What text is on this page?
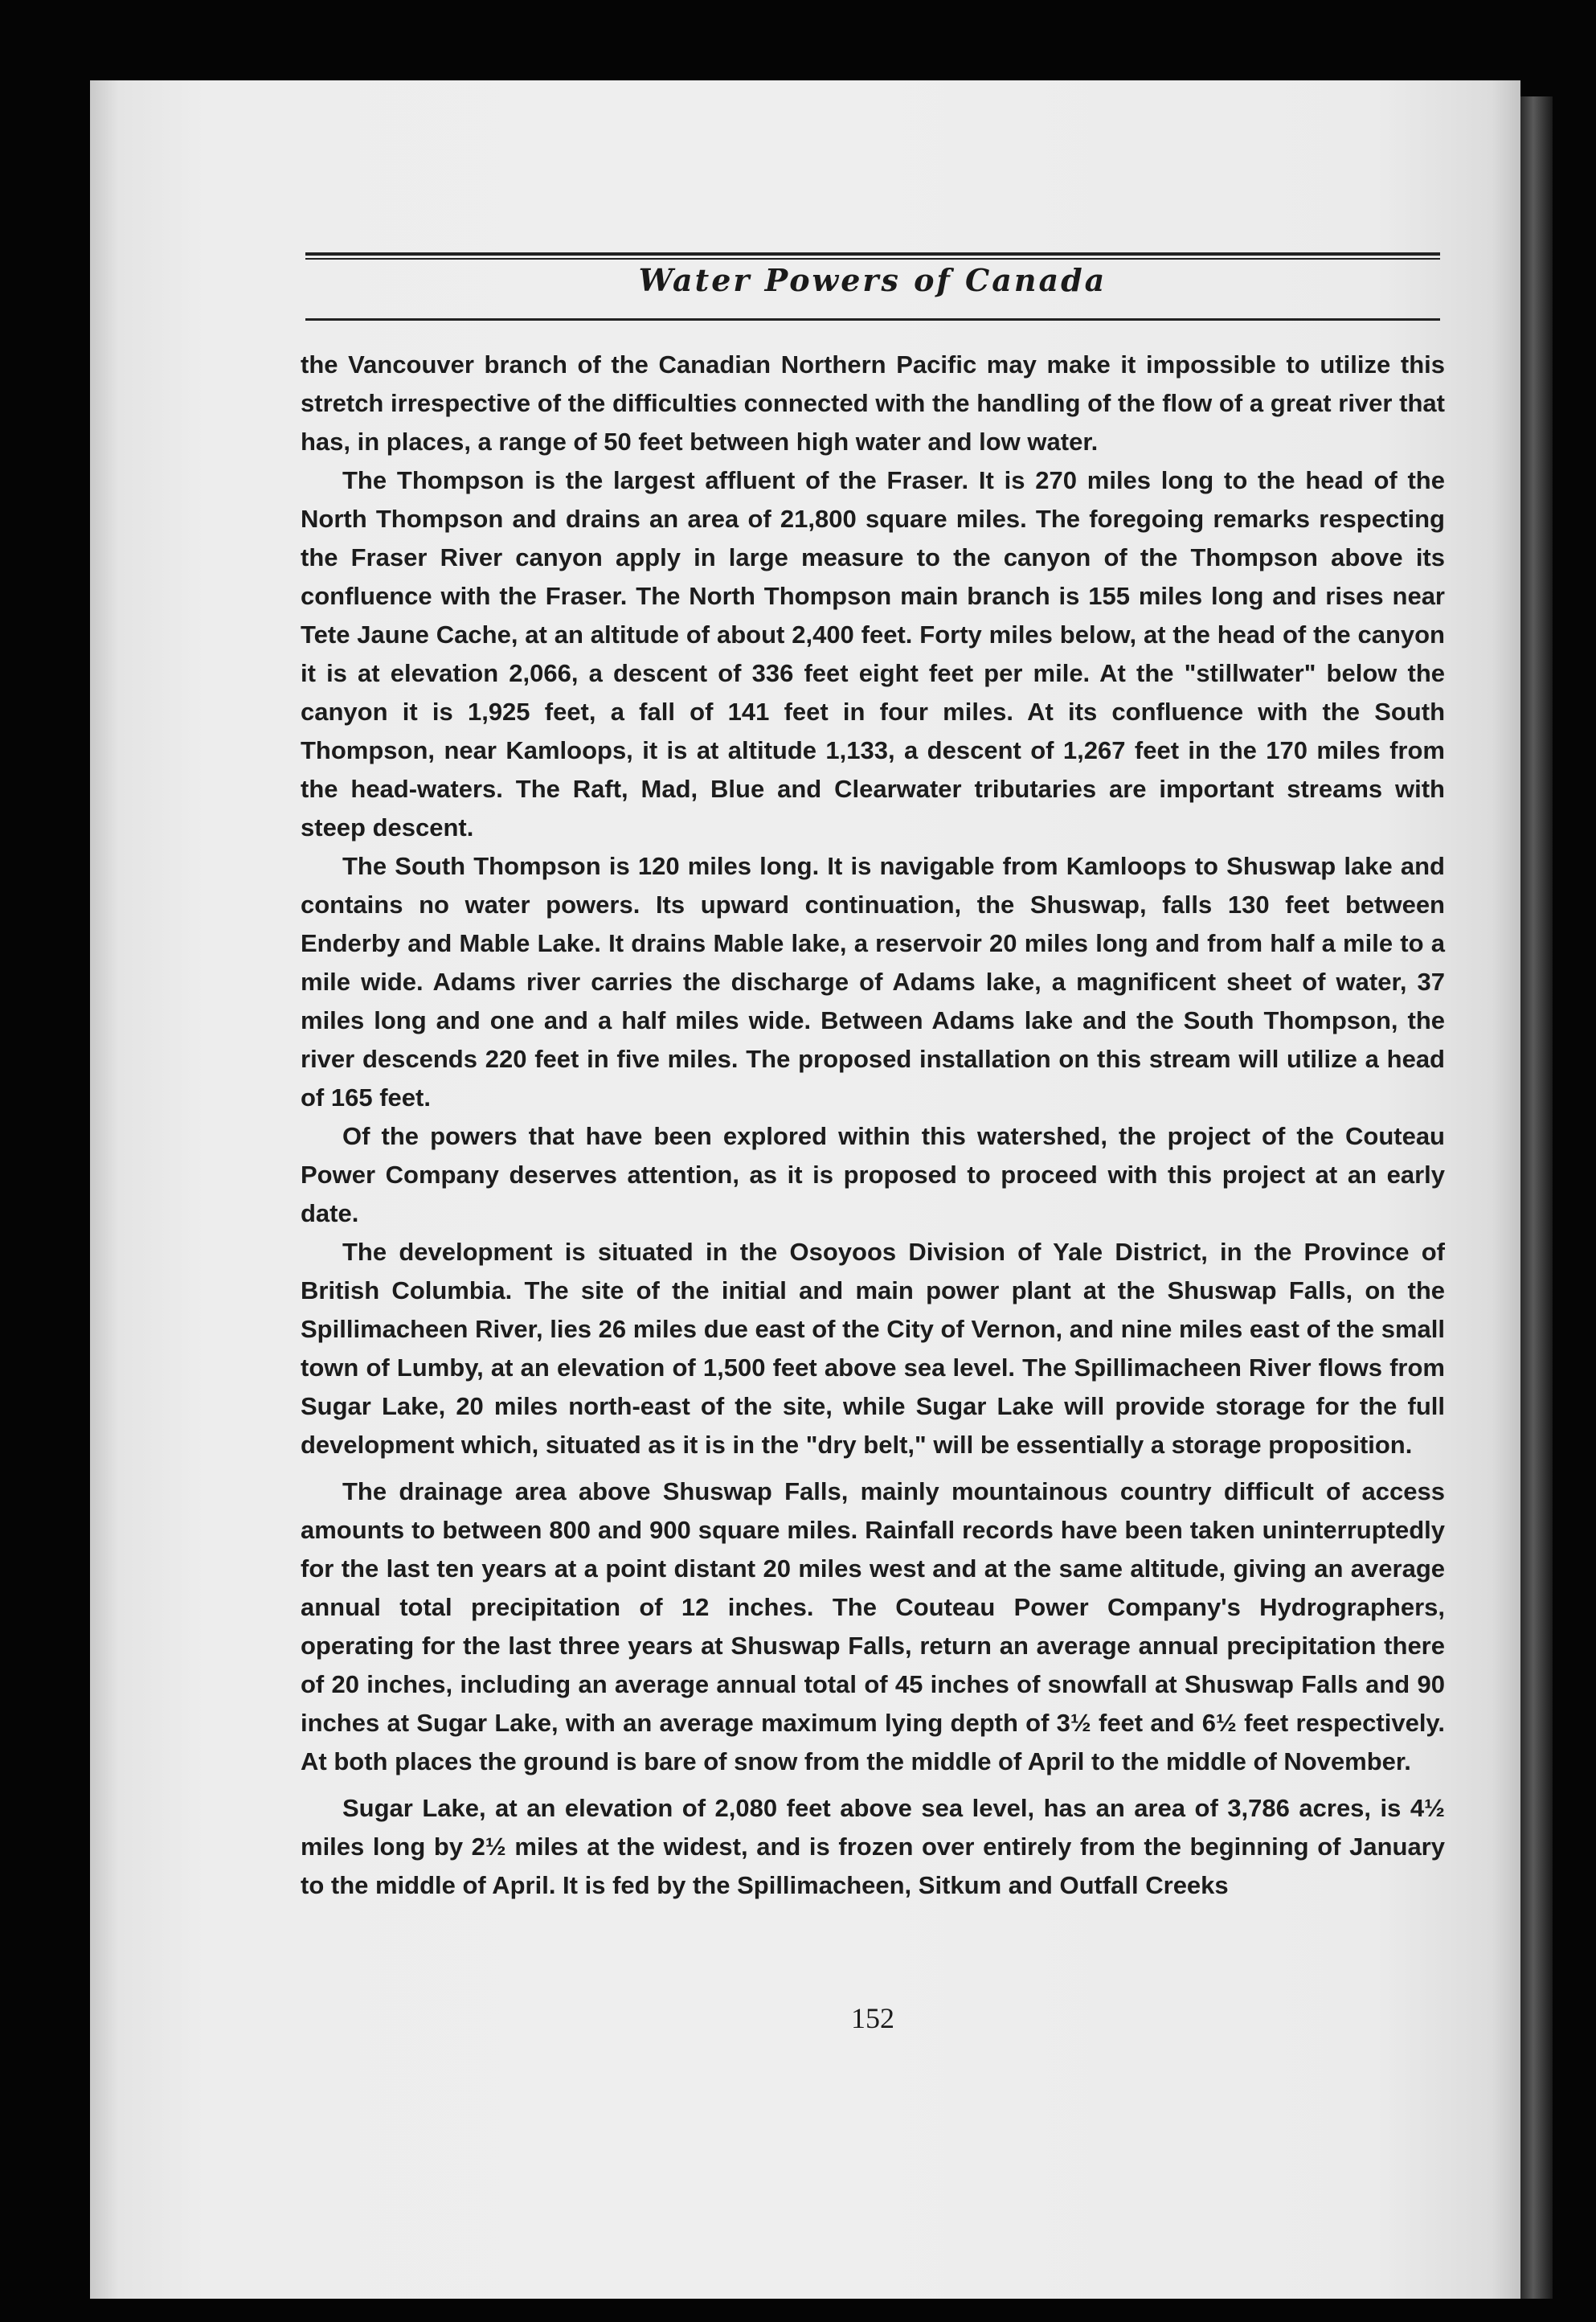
Water Powers of Canada

the Vancouver branch of the Canadian Northern Pacific may make it impossible to utilize this stretch irrespective of the difficulties connected with the handling of the flow of a great river that has, in places, a range of 50 feet between high water and low water.

The Thompson is the largest affluent of the Fraser. It is 270 miles long to the head of the North Thompson and drains an area of 21,800 square miles. The foregoing remarks respecting the Fraser River canyon apply in large measure to the canyon of the Thompson above its confluence with the Fraser. The North Thompson main branch is 155 miles long and rises near Tete Jaune Cache, at an altitude of about 2,400 feet. Forty miles below, at the head of the canyon it is at elevation 2,066, a descent of 336 feet eight feet per mile. At the "stillwater" below the canyon it is 1,925 feet, a fall of 141 feet in four miles. At its confluence with the South Thompson, near Kamloops, it is at altitude 1,133, a descent of 1,267 feet in the 170 miles from the head-waters. The Raft, Mad, Blue and Clearwater tributaries are important streams with steep descent.

The South Thompson is 120 miles long. It is navigable from Kamloops to Shuswap lake and contains no water powers. Its upward continuation, the Shuswap, falls 130 feet between Enderby and Mable Lake. It drains Mable lake, a reservoir 20 miles long and from half a mile to a mile wide. Adams river carries the discharge of Adams lake, a magnificent sheet of water, 37 miles long and one and a half miles wide. Between Adams lake and the South Thompson, the river descends 220 feet in five miles. The proposed installation on this stream will utilize a head of 165 feet.

Of the powers that have been explored within this watershed, the project of the Couteau Power Company deserves attention, as it is proposed to proceed with this project at an early date.

The development is situated in the Osoyoos Division of Yale District, in the Province of British Columbia. The site of the initial and main power plant at the Shuswap Falls, on the Spillimacheen River, lies 26 miles due east of the City of Vernon, and nine miles east of the small town of Lumby, at an elevation of 1,500 feet above sea level. The Spillimacheen River flows from Sugar Lake, 20 miles north-east of the site, while Sugar Lake will provide storage for the full development which, situated as it is in the "dry belt," will be essentially a storage proposition.

The drainage area above Shuswap Falls, mainly mountainous country difficult of access amounts to between 800 and 900 square miles. Rainfall records have been taken uninterruptedly for the last ten years at a point distant 20 miles west and at the same altitude, giving an average annual total precipitation of 12 inches. The Couteau Power Company's Hydrographers, operating for the last three years at Shuswap Falls, return an average annual precipitation there of 20 inches, including an average annual total of 45 inches of snowfall at Shuswap Falls and 90 inches at Sugar Lake, with an average maximum lying depth of 3½ feet and 6½ feet respectively. At both places the ground is bare of snow from the middle of April to the middle of November.

Sugar Lake, at an elevation of 2,080 feet above sea level, has an area of 3,786 acres, is 4½ miles long by 2½ miles at the widest, and is frozen over entirely from the beginning of January to the middle of April. It is fed by the Spillimacheen, Sitkum and Outfall Creeks

152
